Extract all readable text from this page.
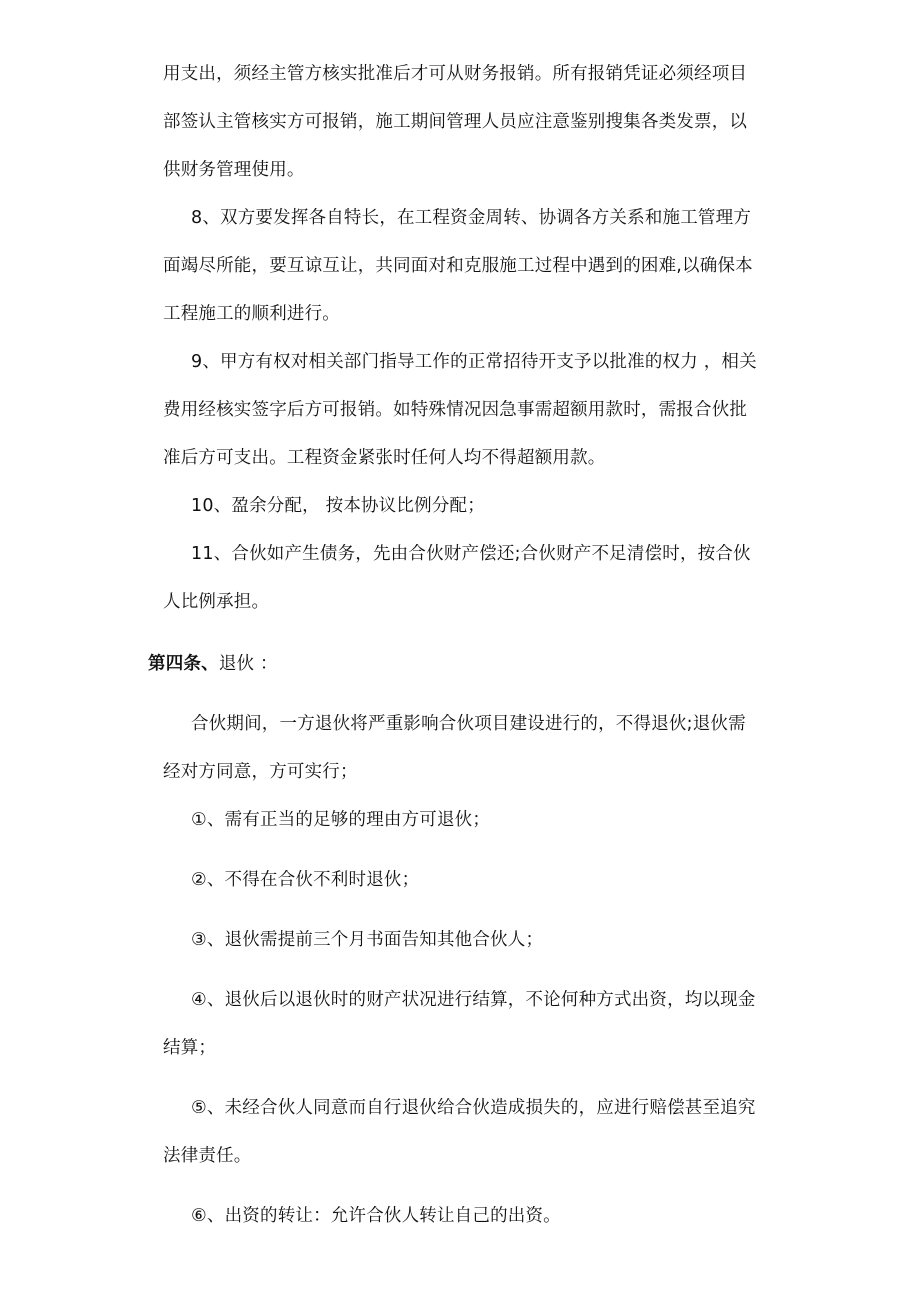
用支出，须经主管方核实批准后才可从财务报销。所有报销凭证必须经项目
部签认主管核实方可报销，施工期间管理人员应注意鉴别搜集各类发票，以
供财务管理使用。
8、双方要发挥各自特长，在工程资金周转、协调各方关系和施工管理方
面竭尽所能，要互谅互让，共同面对和克服施工过程中遇到的困难,以确保本
工程施工的顺利进行。
9、甲方有权对相关部门指导工作的正常招待开支予以批准的权力 ，相关
费用经核实签字后方可报销。如特殊情况因急事需超额用款时，需报合伙批
准后方可支出。工程资金紧张时任何人均不得超额用款。
10、盈余分配， 按本协议比例分配；
11、合伙如产生债务，先由合伙财产偿还;合伙财产不足清偿时，按合伙
人比例承担。
第四条、退伙 ：
合伙期间，一方退伙将严重影响合伙项目建设进行的，不得退伙;退伙需
经对方同意，方可实行；
①、需有正当的足够的理由方可退伙；
②、不得在合伙不利时退伙；
③、退伙需提前三个月书面告知其他合伙人；
④、退伙后以退伙时的财产状况进行结算，不论何种方式出资，均以现金
结算；
⑤、未经合伙人同意而自行退伙给合伙造成损失的，应进行赔偿甚至追究
法律责任。
⑥、出资的转让：允许合伙人转让自己的出资。
